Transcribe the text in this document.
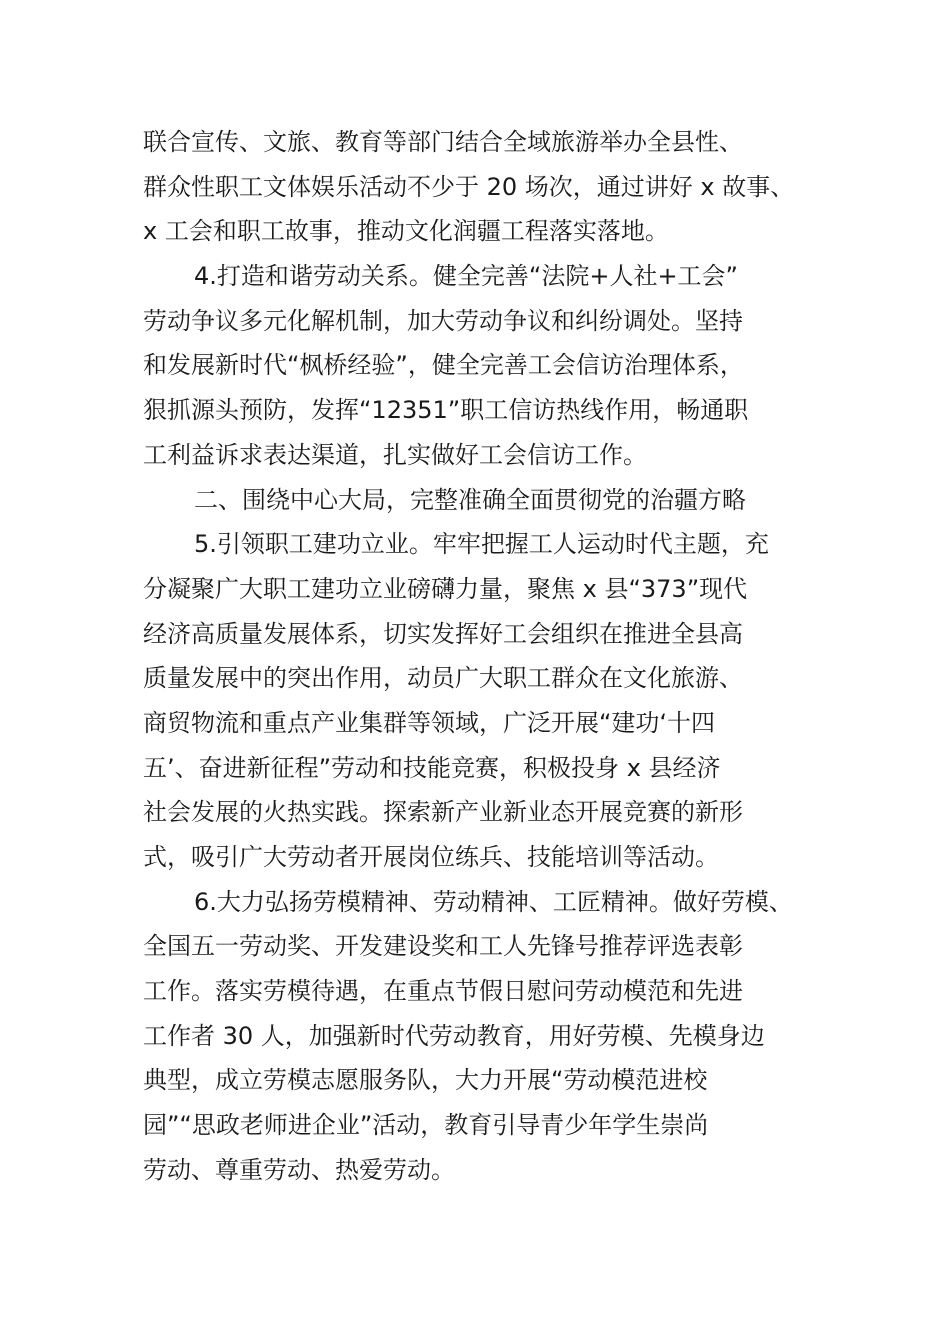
联合宣传、文旅、教育等部门结合全域旅游举办全县性、
群众性职工文体娱乐活动不少于 20 场次，通过讲好 x 故事、
x 工会和职工故事，推动文化润疆工程落实落地。
4.打造和谐劳动关系。健全完善“法院+人社+工会”
劳动争议多元化解机制，加大劳动争议和纠纷调处。坚持
和发展新时代“枫桥经验”，健全完善工会信访治理体系，
狠抓源头预防，发挥“12351”职工信访热线作用，畅通职
工利益诉求表达渠道，扎实做好工会信访工作。
二、围绕中心大局，完整准确全面贯彻党的治疆方略
5.引领职工建功立业。牢牢把握工人运动时代主题，充
分凝聚广大职工建功立业磅礴力量，聚焦 x 县“373”现代
经济高质量发展体系，切实发挥好工会组织在推进全县高
质量发展中的突出作用，动员广大职工群众在文化旅游、
商贸物流和重点产业集群等领域，广泛开展“建功‘十四
五’、奋进新征程”劳动和技能竞赛，积极投身 x 县经济
社会发展的火热实践。探索新产业新业态开展竞赛的新形
式，吸引广大劳动者开展岗位练兵、技能培训等活动。
6.大力弘扬劳模精神、劳动精神、工匠精神。做好劳模、
全国五一劳动奖、开发建设奖和工人先锋号推荐评选表彰
工作。落实劳模待遇，在重点节假日慰问劳动模范和先进
工作者 30 人，加强新时代劳动教育，用好劳模、先模身边
典型，成立劳模志愿服务队，大力开展“劳动模范进校
园”“思政老师进企业”活动，教育引导青少年学生崇尚
劳动、尊重劳动、热爱劳动。
